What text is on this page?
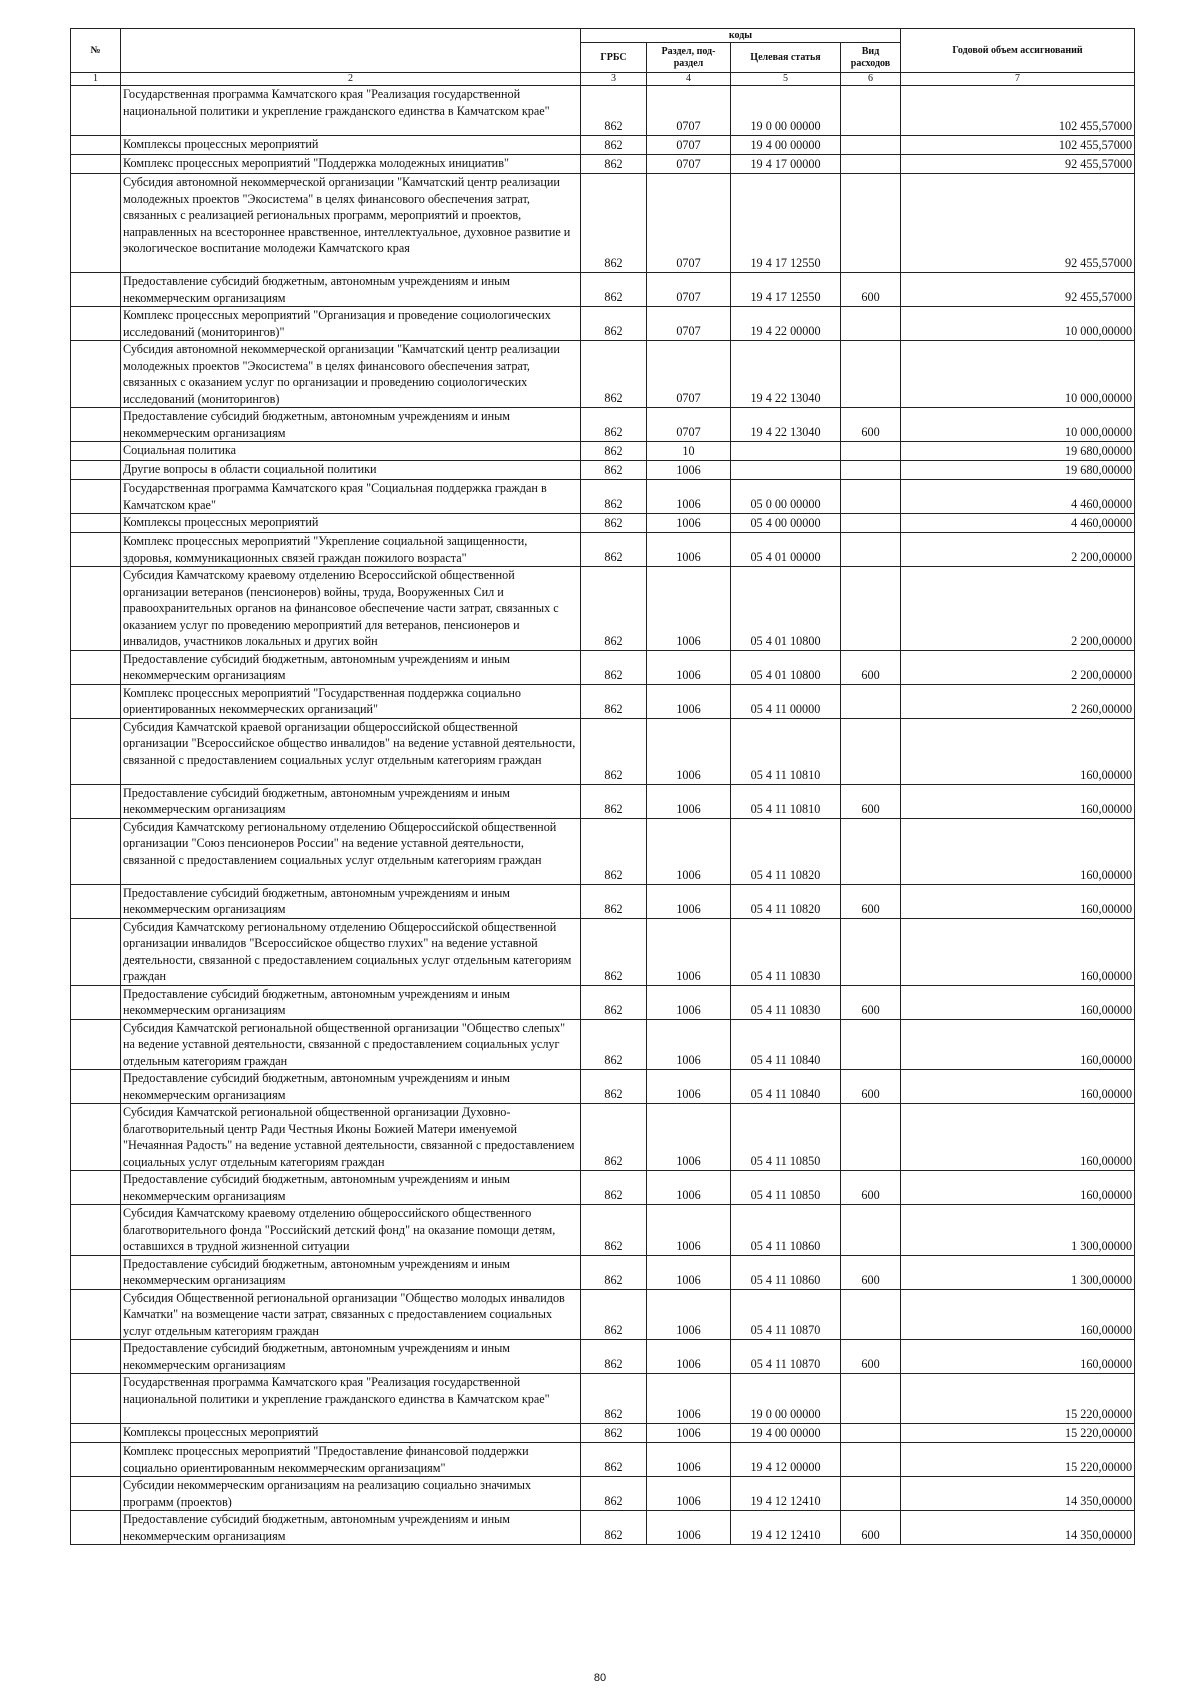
№		коды				Годовой объем ассигнований
		ГРБС	Раздел, под-раздел	Целевая статья	Вид расходов	
1	2	3	4	5	6	7
	Государственная программа Камчатского края "Реализация государственной национальной политики и укрепление гражданского единства в Камчатском крае"	862	0707	19 0 00 00000		102 455,57000
	Комплексы процессных мероприятий	862	0707	19 4 00 00000		102 455,57000
	Комплекс процессных мероприятий "Поддержка молодежных инициатив"	862	0707	19 4 17 00000		92 455,57000
	Субсидия автономной некоммерческой организации "Камчатский центр реализации молодежных проектов "Экосистема" в целях финансового обеспечения затрат, связанных с реализацией региональных программ, мероприятий и проектов, направленных на всестороннее нравственное, интеллектуальное, духовное развитие и экологическое воспитание молодежи Камчатского края	862	0707	19 4 17 12550		92 455,57000
	Предоставление субсидий бюджетным, автономным учреждениям и иным некоммерческим организациям	862	0707	19 4 17 12550	600	92 455,57000
	Комплекс процессных мероприятий "Организация и проведение социологических исследований (мониторингов)"	862	0707	19 4 22 00000		10 000,00000
	Субсидия автономной некоммерческой организации "Камчатский центр реализации молодежных проектов "Экосистема" в целях финансового обеспечения затрат, связанных с оказанием услуг по организации и проведению социологических исследований (мониторингов)	862	0707	19 4 22 13040		10 000,00000
	Предоставление субсидий бюджетным, автономным учреждениям и иным некоммерческим организациям	862	0707	19 4 22 13040	600	10 000,00000
	Социальная политика	862	10			19 680,00000
	Другие вопросы в области социальной политики	862	1006			19 680,00000
	Государственная программа Камчатского края "Социальная поддержка граждан в Камчатском крае"	862	1006	05 0 00 00000		4 460,00000
	Комплексы процессных мероприятий	862	1006	05 4 00 00000		4 460,00000
	Комплекс процессных мероприятий "Укрепление социальной защищенности, здоровья, коммуникационных связей граждан пожилого возраста"	862	1006	05 4 01 00000		2 200,00000
	Субсидия Камчатскому краевому отделению Всероссийской общественной организации ветеранов (пенсионеров) войны, труда, Вооруженных Сил и правоохранительных органов на финансовое обеспечение части затрат, связанных с оказанием услуг по проведению мероприятий для ветеранов, пенсионеров и инвалидов, участников локальных и других войн	862	1006	05 4 01 10800		2 200,00000
	Предоставление субсидий бюджетным, автономным учреждениям и иным некоммерческим организациям	862	1006	05 4 01 10800	600	2 200,00000
	Комплекс процессных мероприятий "Государственная поддержка социально ориентированных некоммерческих организаций"	862	1006	05 4 11 00000		2 260,00000
	Субсидия Камчатской краевой организации общероссийской общественной организации "Всероссийское общество инвалидов" на ведение уставной деятельности, связанной с предоставлением социальных услуг отдельным категориям граждан	862	1006	05 4 11 10810		160,00000
	Предоставление субсидий бюджетным, автономным учреждениям и иным некоммерческим организациям	862	1006	05 4 11 10810	600	160,00000
	Субсидия Камчатскому региональному отделению Общероссийской общественной организации "Союз пенсионеров России" на ведение уставной деятельности, связанной с предоставлением социальных услуг отдельным категориям граждан	862	1006	05 4 11 10820		160,00000
	Предоставление субсидий бюджетным, автономным учреждениям и иным некоммерческим организациям	862	1006	05 4 11 10820	600	160,00000
	Субсидия Камчатскому региональному отделению Общероссийской общественной организации инвалидов "Всероссийское общество глухих" на ведение уставной деятельности, связанной с предоставлением социальных услуг отдельным категориям граждан	862	1006	05 4 11 10830		160,00000
	Предоставление субсидий бюджетным, автономным учреждениям и иным некоммерческим организациям	862	1006	05 4 11 10830	600	160,00000
	Субсидия Камчатской региональной общественной организации "Общество слепых" на ведение уставной деятельности, связанной с предоставлением социальных услуг отдельным категориям граждан	862	1006	05 4 11 10840		160,00000
	Предоставление субсидий бюджетным, автономным учреждениям и иным некоммерческим организациям	862	1006	05 4 11 10840	600	160,00000
	Субсидия Камчатской региональной общественной организации Духовно-благотворительный центр Ради Честныя Иконы Божией Матери именуемой "Нечаянная Радость" на ведение уставной деятельности, связанной с предоставлением социальных услуг отдельным категориям граждан	862	1006	05 4 11 10850		160,00000
	Предоставление субсидий бюджетным, автономным учреждениям и иным некоммерческим организациям	862	1006	05 4 11 10850	600	160,00000
	Субсидия Камчатскому краевому отделению общероссийского общественного благотворительного фонда "Российский детский фонд" на оказание помощи детям, оставшихся в трудной жизненной ситуации	862	1006	05 4 11 10860		1 300,00000
	Предоставление субсидий бюджетным, автономным учреждениям и иным некоммерческим организациям	862	1006	05 4 11 10860	600	1 300,00000
	Субсидия Общественной региональной организации "Общество молодых инвалидов Камчатки" на возмещение части затрат, связанных с предоставлением социальных услуг отдельным категориям граждан	862	1006	05 4 11 10870		160,00000
	Предоставление субсидий бюджетным, автономным учреждениям и иным некоммерческим организациям	862	1006	05 4 11 10870	600	160,00000
	Государственная программа Камчатского края "Реализация государственной национальной политики и укрепление гражданского единства в Камчатском крае"	862	1006	19 0 00 00000		15 220,00000
	Комплексы процессных мероприятий	862	1006	19 4 00 00000		15 220,00000
	Комплекс процессных мероприятий "Предоставление финансовой поддержки социально ориентированным некоммерческим организациям"	862	1006	19 4 12 00000		15 220,00000
	Субсидии некоммерческим организациям на реализацию социально значимых программ (проектов)	862	1006	19 4 12 12410		14 350,00000
	Предоставление субсидий бюджетным, автономным учреждениям и иным некоммерческим организациям	862	1006	19 4 12 12410	600	14 350,00000
80
